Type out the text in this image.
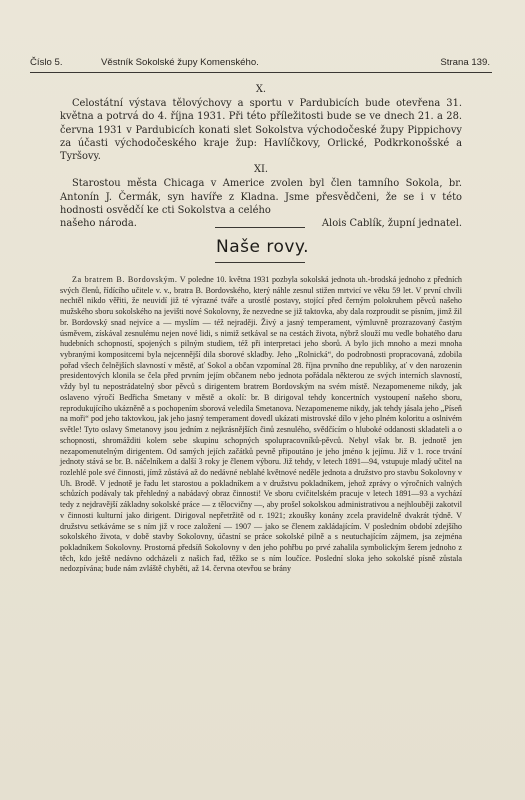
Číslo 5.	Věstník Sokolské župy Komenského.	Strana 139.
X.

Celostátní výstava tělovýchovy a sportu v Pardubicích bude otevřena 31. května a potrvá do 4. října 1931. Při této příležitosti bude se ve dnech 21. a 28. června 1931 v Pardubicích konati slet Sokolstva východočeské župy Pippichovy za účasti východočeského kraje žup: Havlíčkovy, Orlické, Podkrkonošské a Tyršovy.

XI.

Starostou města Chicaga v Americe zvolen byl člen tamního Sokola, br. Antonín J. Čermák, syn havíře z Kladna. Jsme přesvědčeni, že se i v této hodnosti osvědčí ke cti Sokolstva a celého

našeho národa.	Alois Cablík, župní jednatel.
Naše rovy.

Za bratrem B. Bordovským. V poledne 10. května 1931 pozbyla sokolská jednota uh.-brodská jednoho z předních svých členů, řídícího učitele v. v., bratra B. Bordovského, který náhle zesnul stižen mrtvicí ve věku 59 let. V první chvíli nechtěl nikdo věřiti, že neuvidí již té výrazné tváře a urostlé postavy, stojící před černým polokruhem pěvců našeho mužského sboru sokolského na jevišti nové Sokolovny, že nezvedne se již taktovka, aby dala rozproudit se písním, jimž žil br. Bordovský snad nejvíce a — myslím — též nejraději. Živý a jasný temperament, výmluvně prozrazovaný častým úsměvem, získával zesnulému nejen nové lidi, s nimiž setkával se na cestách života, nýbrž slouží mu vedle bohatého daru hudebních schopností, spojených s pilným studiem, též při interpretaci jeho sborů. A bylo jich mnoho a mezi mnoha vybranými kompositcemi byla nejcennější dila sborové skladby. Jeho „Rolnická“, do podrobnosti propracovaná, zdobila pořad všech čelnějších slavností v městě, ať Sokol a občan vzpomínal 28. října prvního dne republiky, ať v den narozenin presidentových klonila se čela před prvním jejím občanem nebo jednota pořádala některou ze svých interních slavností, vždy byl tu nepostrádatelný sbor pěvců s dirigentem bratrem Bordovským na svém místě. Nezapomeneme nikdy, jak oslaveno výročí Bedřicha Smetany v městě a okolí: br. B dirigoval tehdy koncertních vystoupení našeho sboru, reprodukujícího ukázněně a s pochopením sborová veledíla Smetanova. Nezapomeneme nikdy, jak tehdy jásala jeho „Píseň na moři“ pod jeho taktovkou, jak jeho jasný temperament dovedl ukázati mistrovské dílo v jeho plném koloritu a oslnivém světle! Tyto oslavy Smetanovy jsou jedním z nejkrásnějších činů zesnulého, svědčícím o hluboké oddanosti skladateli a o schopnosti, shromážditi kolem sebe skupinu schopných spolupracovníků-pěvců. Nebyl však br. B. jednotě jen nezapomenutelným dirigentem. Od samých jejích začátků pevně připoutáno je jeho jméno k jejímu. Již v 1. roce trvání jednoty stává se br. B. náčelníkem a další 3 roky je členem výboru. Již tehdy, v letech 1891—94, vstupuje mladý učitel na rozlehlé pole své činnosti, jímž zůstává až do nedávné neblahé květnové neděle jednota a družstvo pro stavbu Sokolovny v Uh. Brodě. V jednotě je řadu let starostou a pokladníkem a v družstvu pokladníkem, jehož zprávy o výročních valných schůzích podávaly tak přehledný a nabádavý obraz činnosti! Ve sboru cvičitelském pracuje v letech 1891—93 a vychází tedy z nejdravější základny sokolské práce — z tělocvičny —, aby prošel sokolskou administrativou a nejhlouběji zakotvil v činnosti kulturní jako dirigent. Dirigoval nepřetržitě od r. 1921; zkoušky konány zcela pravidelně dvakrát týdně. V družstvu setkáváme se s ním již v roce založení — 1907 — jako se členem zakládajícím. V posledním období zdejšího sokolského života, v době stavby Sokolovny, účastní se práce sokolské pilně a s neutuchajícím zájmem, jsa zejména pokladníkem Sokolovny. Prostorná předsíň Sokolovny v den jeho pohřbu po prvé zahalila symbolickým šerem jednoho z těch, kdo ještě nedávno odcházeli z našich řad, těžko se s ním loučíce. Poslední sloka jeho sokolské písně zůstala nedozpívána; bude nám zvláště chyběti, až 14. června otevřou se brány
